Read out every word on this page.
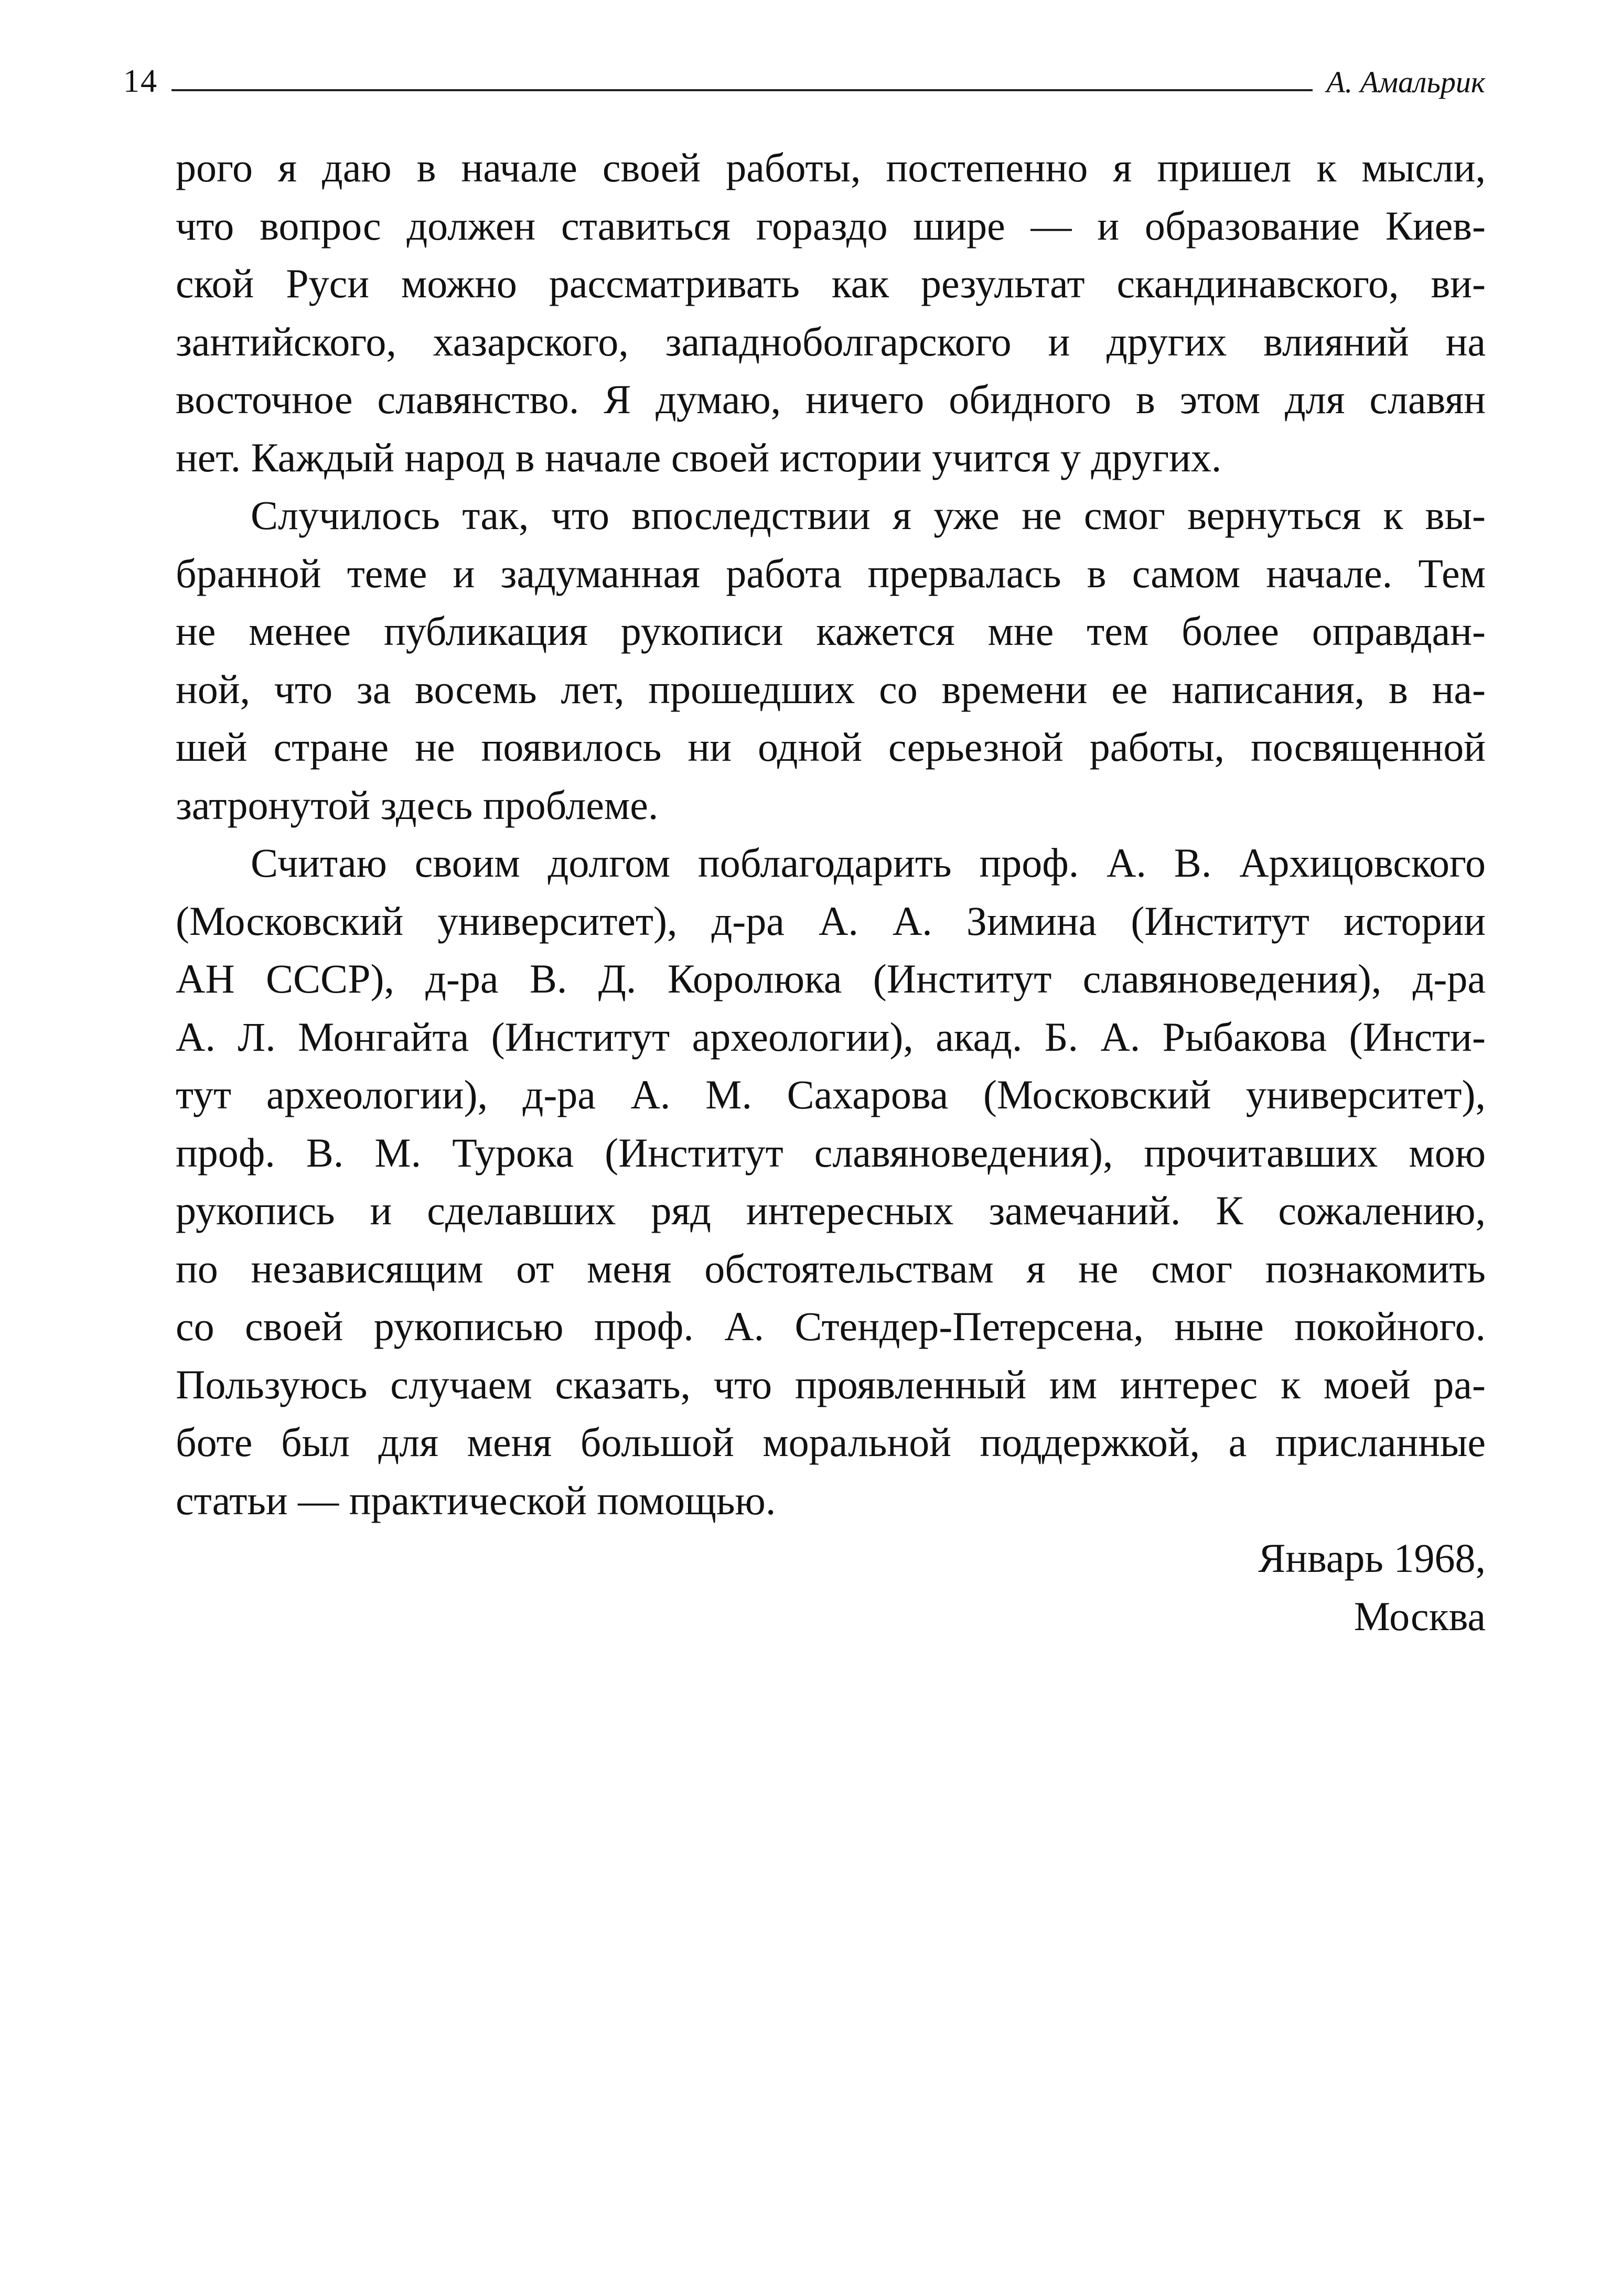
14	А. Амальрик

рого я даю в начале своей работы, постепенно я пришел к мысли,
что вопрос должен ставиться гораздо шире — и образование Киев-
ской Руси можно рассматривать как результат скандинавского, ви-
зантийского, хазарского, западноболгарского и других влияний на
восточное славянство. Я думаю, ничего обидного в этом для славян
нет. Каждый народ в начале своей истории учится у других.

Случилось так, что впоследствии я уже не смог вернуться к вы-
бранной теме и задуманная работа прервалась в самом начале. Тем
не менее публикация рукописи кажется мне тем более оправдан-
ной, что за восемь лет, прошедших со времени ее написания, в на-
шей стране не появилось ни одной серьезной работы, посвященной
затронутой здесь проблеме.

Считаю своим долгом поблагодарить проф. А. В. Архицовского
(Московский университет), д-ра А. А. Зимина (Институт истории
АН СССР), д-ра В. Д. Королюка (Институт славяноведения), д-ра
А. Л. Монгайта (Институт археологии), акад. Б. А. Рыбакова (Инсти-
тут археологии), д-ра А. М. Сахарова (Московский университет),
проф. В. М. Турока (Институт славяноведения), прочитавших мою
рукопись и сделавших ряд интересных замечаний. К сожалению,
по независящим от меня обстоятельствам я не смог познакомить
со своей рукописью проф. А. Стендер-Петерсена, ныне покойного.
Пользуюсь случаем сказать, что проявленный им интерес к моей ра-
боте был для меня большой моральной поддержкой, а присланные
статьи — практической помощью.

Январь 1968,
Москва
